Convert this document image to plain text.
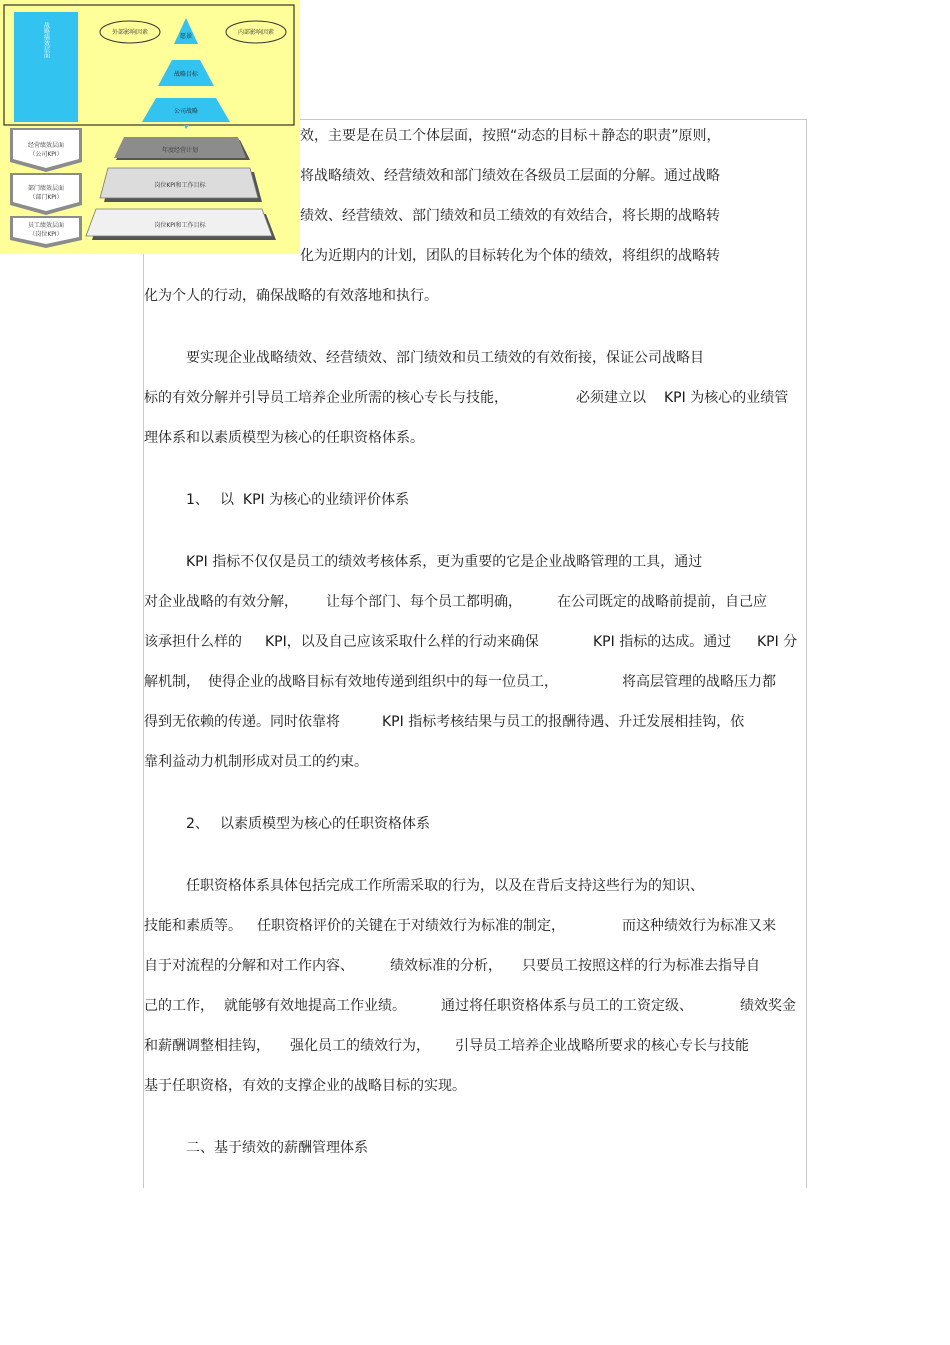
战略绩效层面	外部影响因素	内部影响因素
愿景
战略目标
公司战略
经营绩效层面
（公司KPI）
部门绩效层面
（部门KPI）
员工绩效层面
（岗位KPI）
年度经营计划
岗位KPI和工作目标
岗位KPI和工作目标
效，主要是在员工个体层面，按照“动态的目标＋静态的职责”原则，
将战略绩效、经营绩效和部门绩效在各级员工层面的分解。通过战略
绩效、经营绩效、部门绩效和员工绩效的有效结合，将长期的战略转
化为近期内的计划，团队的目标转化为个体的绩效，将组织的战略转
化为个人的行动，确保战略的有效落地和执行。
要实现企业战略绩效、经营绩效、部门绩效和员工绩效的有效衔接，保证公司战略目
标的有效分解并引导员工培养企业所需的核心专长与技能，	必须建立以 KPI 为核心的业绩管
理体系和以素质模型为核心的任职资格体系。
1、 以  KPI 为核心的业绩评价体系
KPI 指标不仅仅是员工的绩效考核体系，更为重要的它是企业战略管理的工具，通过
对企业战略的有效分解， 让每个部门、每个员工都明确，	在公司既定的战略前提前，自己应
该承担什么样的 KPI，以及自己应该采取什么样的行动来确保	KPI 指标的达成。通过 KPI 分
解机制， 使得企业的战略目标有效地传递到组织中的每一位员工，	将高层管理的战略压力都
得到无依赖的传递。同时依靠将	KPI 指标考核结果与员工的报酬待遇、升迁发展相挂钩，依
靠利益动力机制形成对员工的约束。
2、 以素质模型为核心的任职资格体系
任职资格体系具体包括完成工作所需采取的行为，以及在背后支持这些行为的知识、
技能和素质等。 任职资格评价的关键在于对绩效行为标准的制定，	而这种绩效行为标准又来
自于对流程的分解和对工作内容、	绩效标准的分析， 只要员工按照这样的行为标准去指导自
己的工作， 就能够有效地提高工作业绩。	通过将任职资格体系与员工的工资定级、	绩效奖金
和薪酬调整相挂钩， 强化员工的绩效行为， 引导员工培养企业战略所要求的核心专长与技能
基于任职资格，有效的支撑企业的战略目标的实现。
二、基于绩效的薪酬管理体系
